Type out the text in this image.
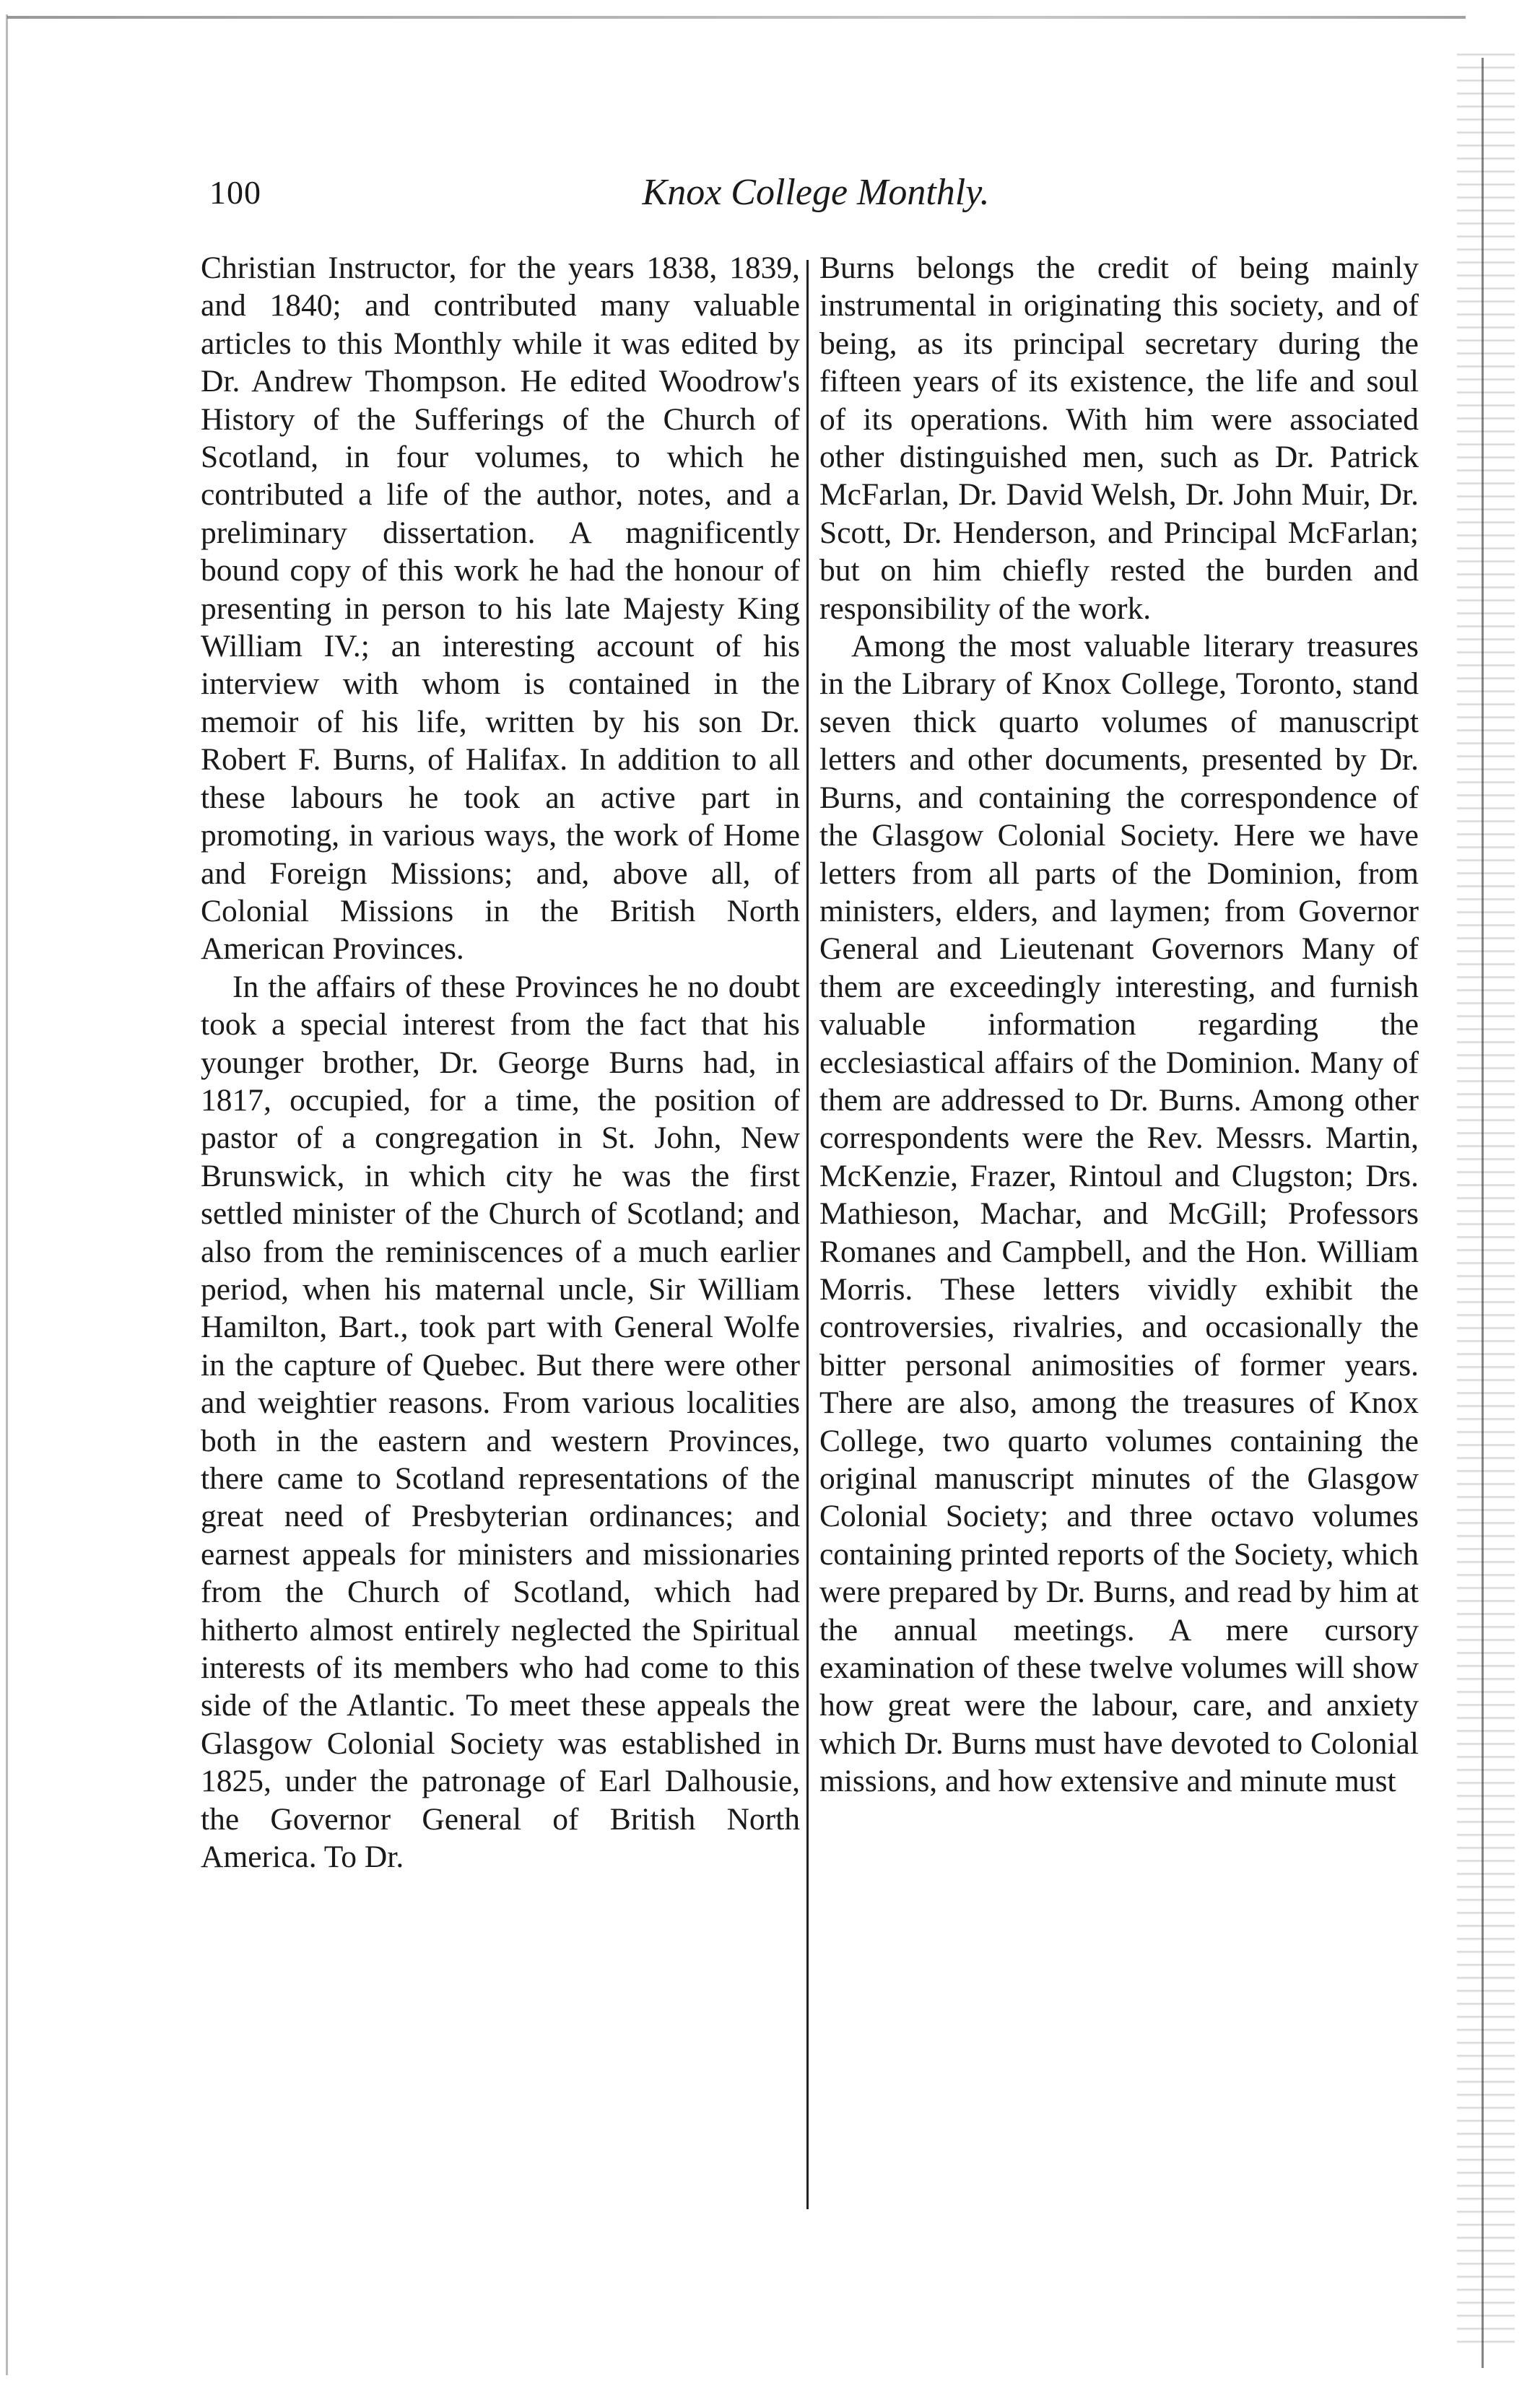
100	Knox College Monthly.

Christian Instructor, for the years 1838, 1839, and 1840; and contributed many valuable articles to this Monthly while it was edited by Dr. Andrew Thompson. He edited Woodrow's History of the Sufferings of the Church of Scotland, in four volumes, to which he contributed a life of the author, notes, and a preliminary dissertation. A magnificently bound copy of this work he had the honour of presenting in person to his late Majesty King William IV.; an interesting account of his interview with whom is contained in the memoir of his life, written by his son Dr. Robert F. Burns, of Halifax. In addition to all these labours he took an active part in promoting, in various ways, the work of Home and Foreign Missions; and, above all, of Colonial Missions in the British North American Provinces.

In the affairs of these Provinces he no doubt took a special interest from the fact that his younger brother, Dr. George Burns had, in 1817, occupied, for a time, the position of pastor of a congregation in St. John, New Brunswick, in which city he was the first settled minister of the Church of Scotland; and also from the reminiscences of a much earlier period, when his maternal uncle, Sir William Hamilton, Bart., took part with General Wolfe in the capture of Quebec. But there were other and weightier reasons. From various localities both in the eastern and western Provinces, there came to Scotland representations of the great need of Presbyterian ordinances; and earnest appeals for ministers and missionaries from the Church of Scotland, which had hitherto almost entirely neglected the Spiritual interests of its members who had come to this side of the Atlantic. To meet these appeals the Glasgow Colonial Society was established in 1825, under the patronage of Earl Dalhousie, the Governor General of British North America. To Dr.

Burns belongs the credit of being mainly instrumental in originating this society, and of being, as its principal secretary during the fifteen years of its existence, the life and soul of its operations. With him were associated other distinguished men, such as Dr. Patrick McFarlan, Dr. David Welsh, Dr. John Muir, Dr. Scott, Dr. Henderson, and Principal McFarlan; but on him chiefly rested the burden and responsibility of the work.

Among the most valuable literary treasures in the Library of Knox College, Toronto, stand seven thick quarto volumes of manuscript letters and other documents, presented by Dr. Burns, and containing the correspondence of the Glasgow Colonial Society. Here we have letters from all parts of the Dominion, from ministers, elders, and laymen; from Governor General and Lieutenant Governors Many of them are exceedingly interesting, and furnish valuable information regarding the ecclesiastical affairs of the Dominion. Many of them are addressed to Dr. Burns. Among other correspondents were the Rev. Messrs. Martin, McKenzie, Frazer, Rintoul and Clugston; Drs. Mathieson, Machar, and McGill; Professors Romanes and Campbell, and the Hon. William Morris. These letters vividly exhibit the controversies, rivalries, and occasionally the bitter personal animosities of former years. There are also, among the treasures of Knox College, two quarto volumes containing the original manuscript minutes of the Glasgow Colonial Society; and three octavo volumes containing printed reports of the Society, which were prepared by Dr. Burns, and read by him at the annual meetings. A mere cursory examination of these twelve volumes will show how great were the labour, care, and anxiety which Dr. Burns must have devoted to Colonial missions, and how extensive and minute must
